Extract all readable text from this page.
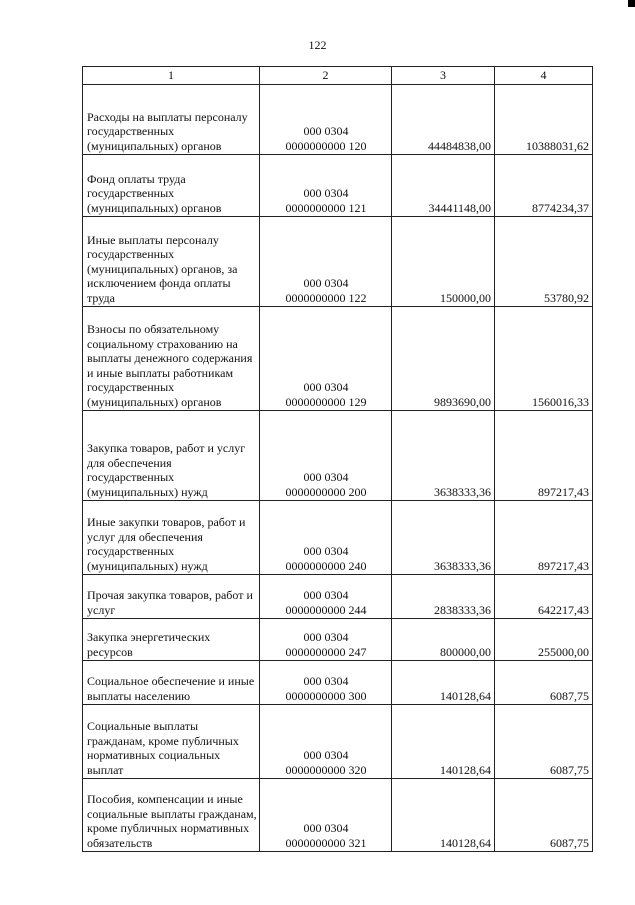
122
1	2	3	4

Расходы на выплаты персоналу государственных (муниципальных) органов	000 0304
0000000000 120	44484838,00	10388031,62

Фонд оплаты труда государственных (муниципальных) органов	000 0304
0000000000 121	34441148,00	8774234,37

Иные выплаты персоналу государственных (муниципальных) органов, за исключением фонда оплаты труда	000 0304
0000000000 122	150000,00	53780,92

Взносы по обязательному социальному страхованию на выплаты денежного содержания и иные выплаты работникам государственных (муниципальных) органов	000 0304
0000000000 129	9893690,00	1560016,33

Закупка товаров, работ и услуг для обеспечения государственных (муниципальных) нужд	000 0304
0000000000 200	3638333,36	897217,43

Иные закупки товаров, работ и услуг для обеспечения государственных (муниципальных) нужд	000 0304
0000000000 240	3638333,36	897217,43

Прочая закупка товаров, работ и услуг	000 0304
0000000000 244	2838333,36	642217,43

Закупка энергетических ресурсов	000 0304
0000000000 247	800000,00	255000,00

Социальное обеспечение и иные выплаты населению	000 0304
0000000000 300	140128,64	6087,75

Социальные выплаты гражданам, кроме публичных нормативных социальных выплат	000 0304
0000000000 320	140128,64	6087,75

Пособия, компенсации и иные социальные выплаты гражданам, кроме публичных нормативных обязательств	000 0304
0000000000 321	140128,64	6087,75
